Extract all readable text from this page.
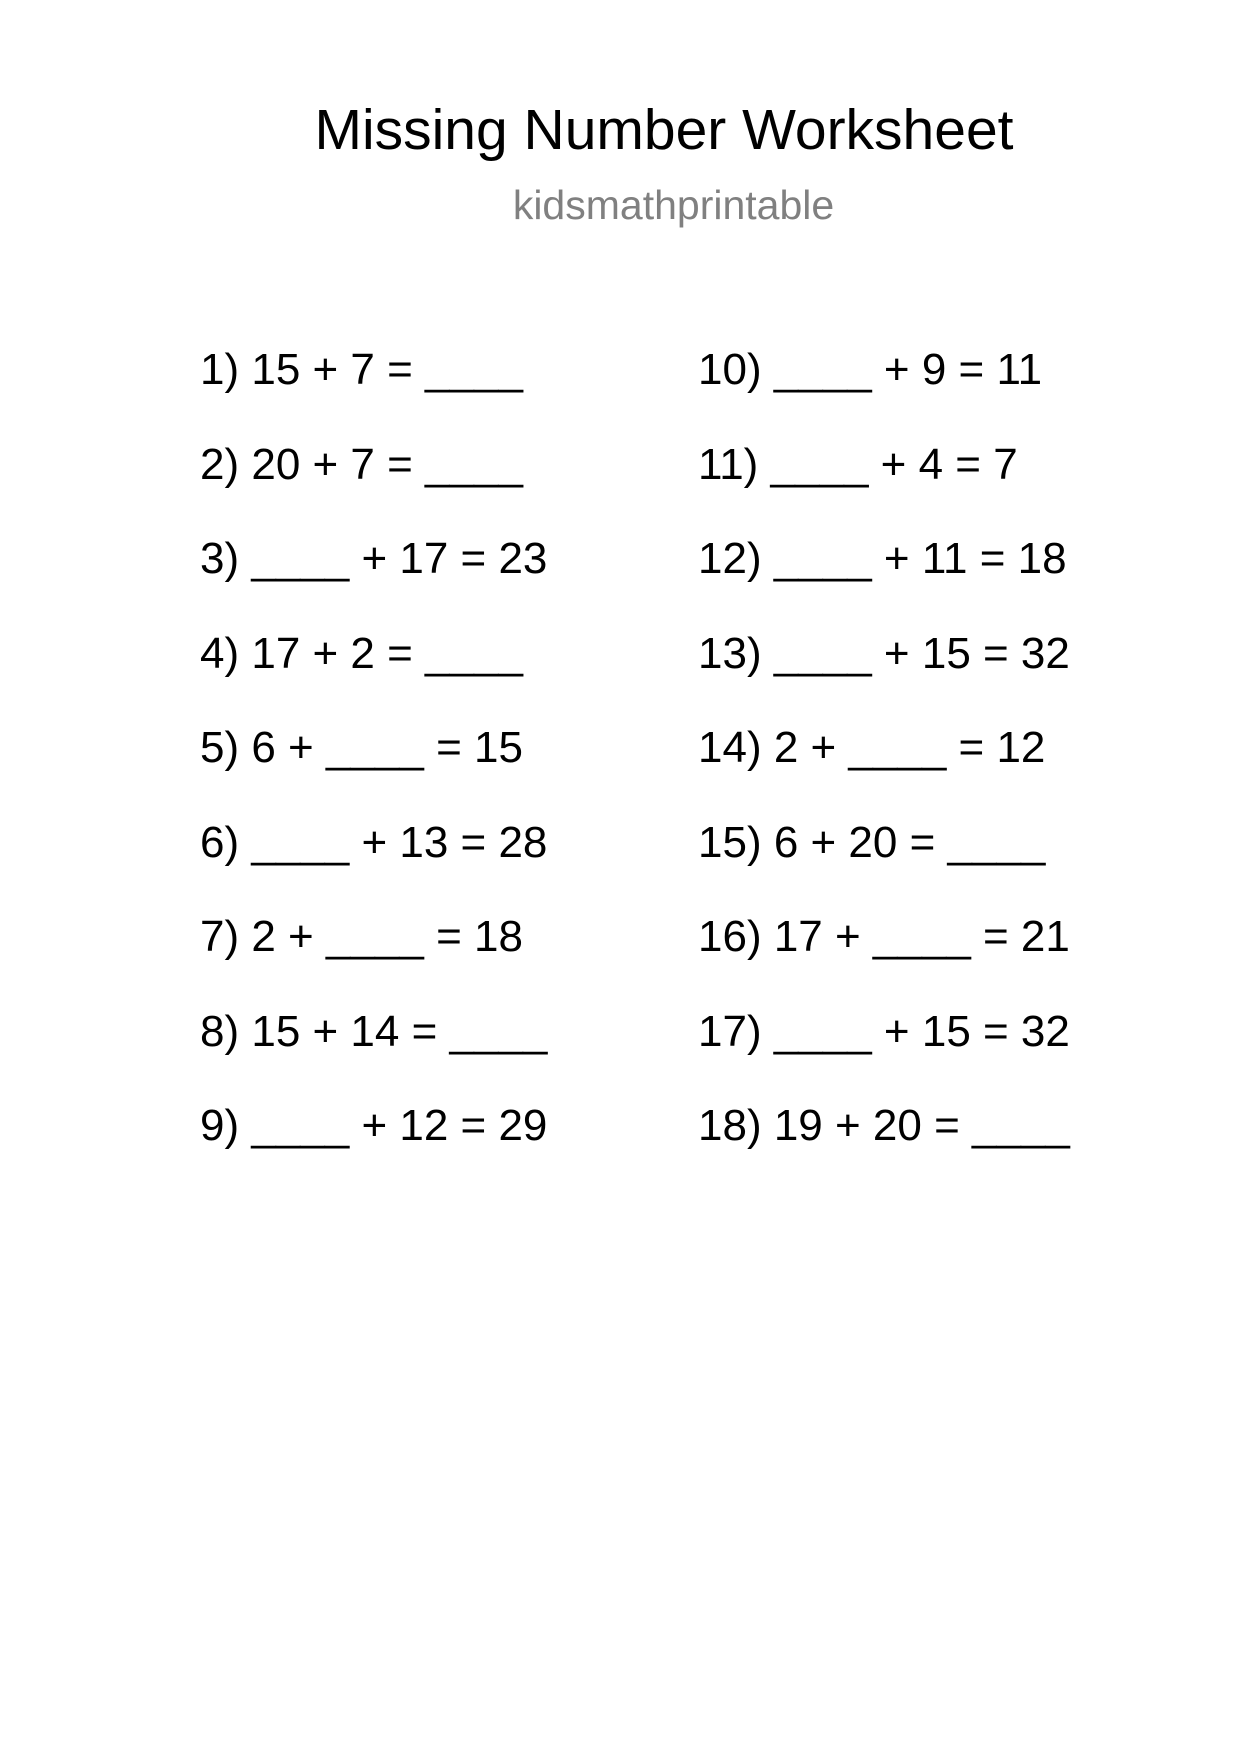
Missing Number Worksheet
kidsmathprintable
1) 15 + 7 = ____
2) 20 + 7 = ____
3) ____ + 17 = 23
4) 17 + 2 = ____
5) 6 + ____ = 15
6) ____ + 13 = 28
7) 2 + ____ = 18
8) 15 + 14 = ____
9) ____ + 12 = 29
10) ____ + 9 = 11
11) ____ + 4 = 7
12) ____ + 11 = 18
13) ____ + 15 = 32
14) 2 + ____ = 12
15) 6 + 20 = ____
16) 17 + ____ = 21
17) ____ + 15 = 32
18) 19 + 20 = ____
